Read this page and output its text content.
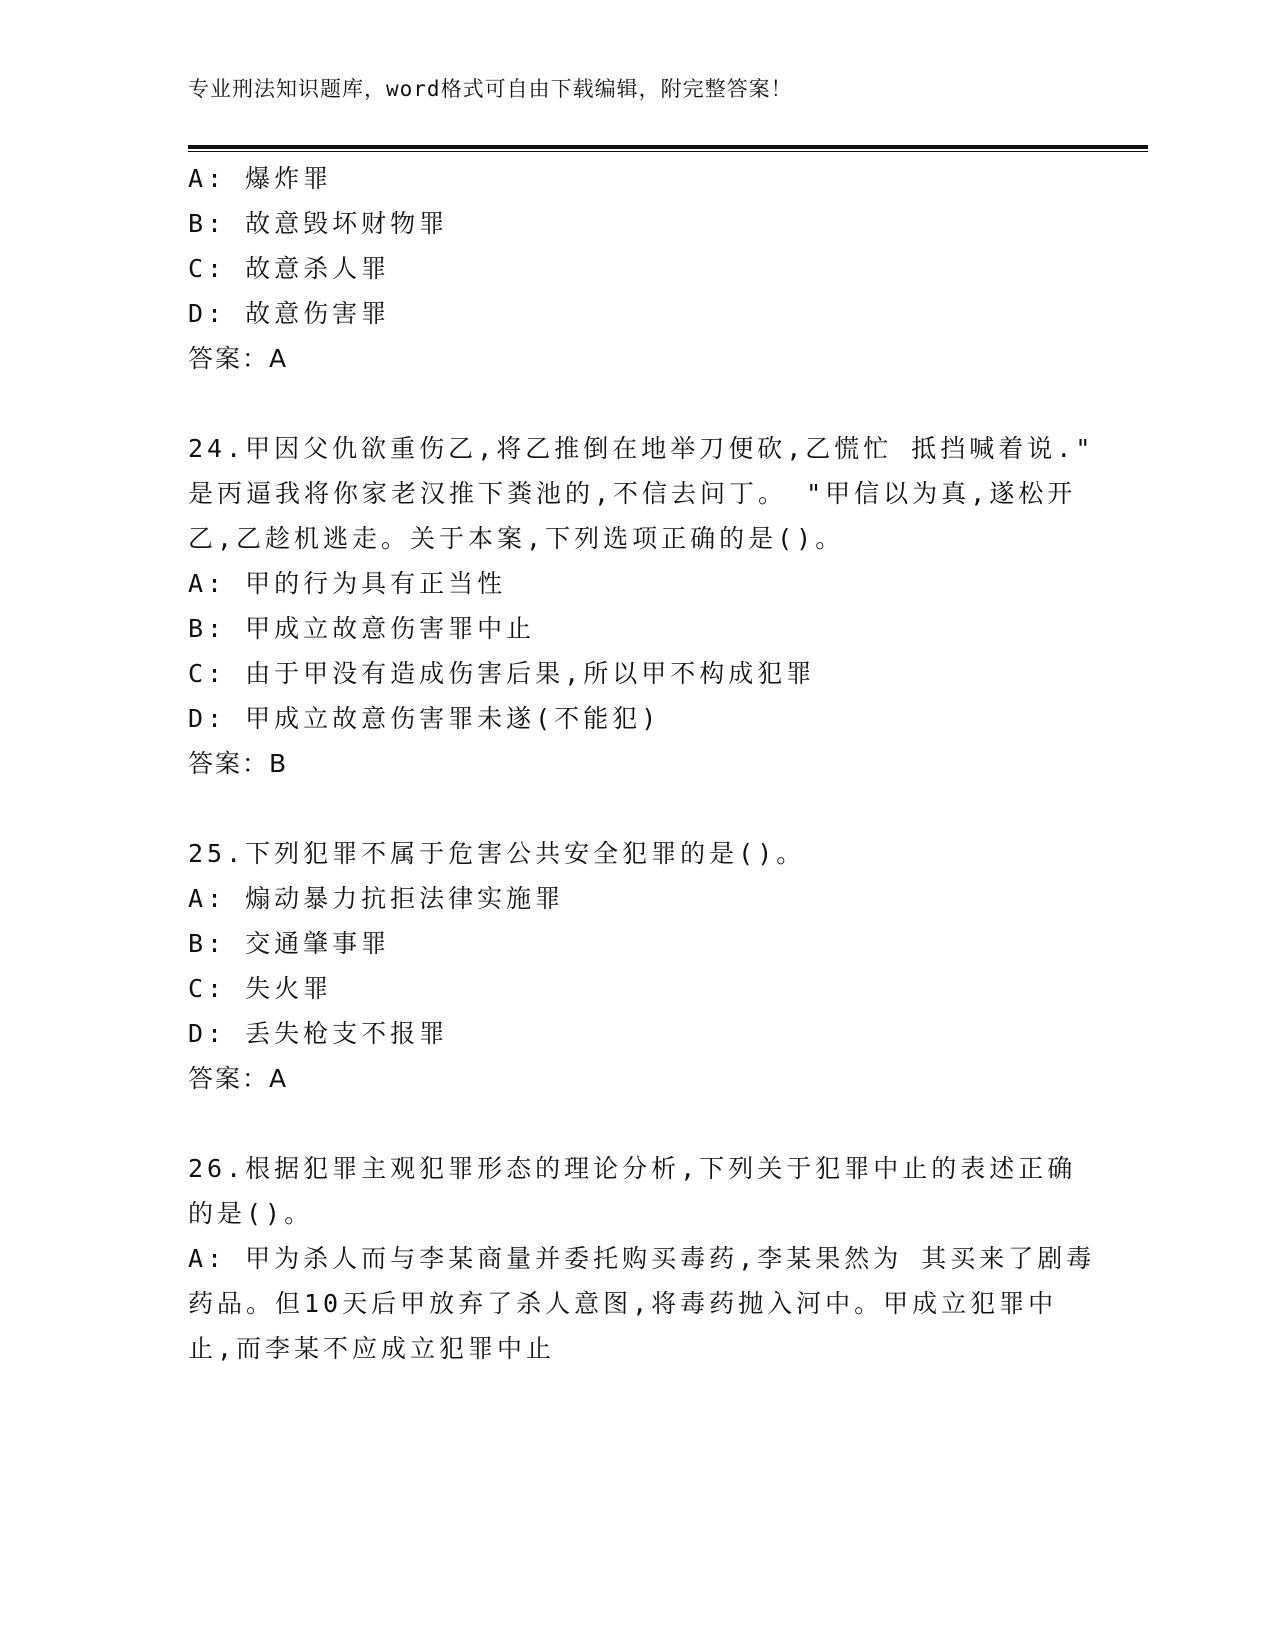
专业刑法知识题库，word格式可自由下载编辑，附完整答案！
A: 爆炸罪
B: 故意毁坏财物罪
C: 故意杀人罪
D: 故意伤害罪
答案：A
24.甲因父仇欲重伤乙,将乙推倒在地举刀便砍,乙慌忙 抵挡喊着说."
是丙逼我将你家老汉推下粪池的,不信去问丁。 "甲信以为真,遂松开
乙,乙趁机逃走。关于本案,下列选项正确的是()。
A: 甲的行为具有正当性
B: 甲成立故意伤害罪中止
C: 由于甲没有造成伤害后果,所以甲不构成犯罪
D: 甲成立故意伤害罪未遂(不能犯)
答案：B
25.下列犯罪不属于危害公共安全犯罪的是()。
A: 煽动暴力抗拒法律实施罪
B: 交通肇事罪
C: 失火罪
D: 丢失枪支不报罪
答案：A
26.根据犯罪主观犯罪形态的理论分析,下列关于犯罪中止的表述正确
的是()。
A: 甲为杀人而与李某商量并委托购买毒药,李某果然为 其买来了剧毒
药品。但10天后甲放弃了杀人意图,将毒药抛入河中。甲成立犯罪中
止,而李某不应成立犯罪中止
